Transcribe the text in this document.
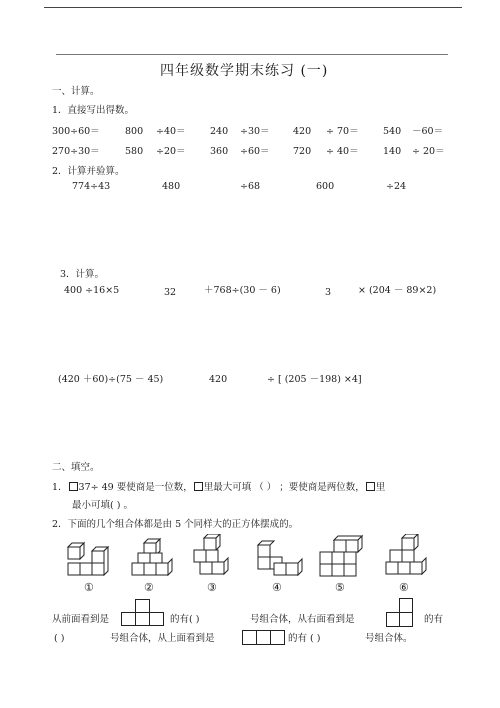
四年级数学期末练习 (一)
一、计算。
1．直接写出得数。
300÷60＝	800 ÷40＝	240 ÷30＝ 420 ÷ 70＝	540 －60＝
270÷30＝	580 ÷20＝	360 ÷60＝ 720 ÷ 40＝	140 ÷ 20＝
2．计算并验算。
774÷43	480	÷68	600	÷24
3．计算。
400 ÷16×5	32	＋768÷(30 － 6)	3	× (204 － 89×2)
(420 ＋60)÷(75 － 45)	420	÷ [ (205 －198) ×4]
二、填空。
1． 37÷ 49 要使商是一位数， 里最大可填 （ ） ；要使商是两位数， 里
最小可填( ) 。
2．下面的几个组合体都是由 5 个同样大的正方体摆成的。
①	②	③	④	⑤	⑥
从前面看到是	的有( )	号组合体，从右面看到是	的有
( )	号组合体，从上面看到是	的有 ( )	号组合体。
